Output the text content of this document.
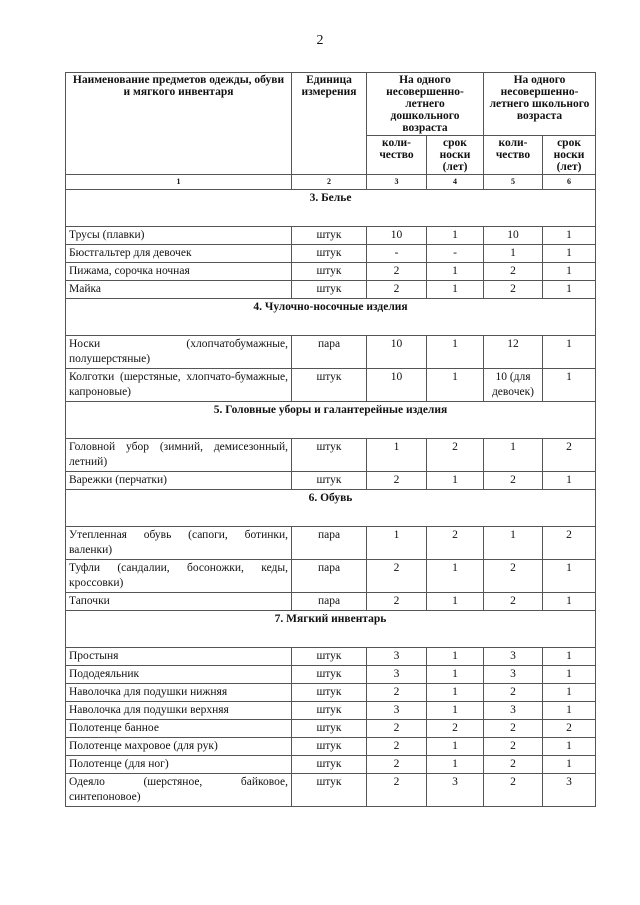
2
Наименование предметов одежды, обуви и мягкого инвентаря	Единица измерения	На одного несовершенно-летнего дошкольного возраста		На одного несовершенно-летнего школьного возраста	
		коли-чество	срок носки (лет)	коли-чество	срок носки (лет)
1	2	3	4	5	6
3. Белье					
Трусы (плавки)	штук	10	1	10	1
Бюстгальтер для девочек	штук	-	-	1	1
Пижама, сорочка ночная	штук	2	1	2	1
Майка	штук	2	1	2	1
4. Чулочно-носочные изделия					
Носки (хлопчатобумажные, полушерстяные)	пара	10	1	12	1
Колготки (шерстяные, хлопчато-бумажные, капроновые)	штук	10	1	10 (для девочек)	1
5. Головные уборы и галантерейные изделия					
Головной убор (зимний, демисезонный, летний)	штук	1	2	1	2
Варежки (перчатки)	штук	2	1	2	1
6. Обувь					
Утепленная обувь (сапоги, ботинки, валенки)	пара	1	2	1	2
Туфли (сандалии, босоножки, кеды, кроссовки)	пара	2	1	2	1
Тапочки	пара	2	1	2	1
7. Мягкий инвентарь					
Простыня	штук	3	1	3	1
Пододеяльник	штук	3	1	3	1
Наволочка для подушки нижняя	штук	2	1	2	1
Наволочка для подушки верхняя	штук	3	1	3	1
Полотенце банное	штук	2	2	2	2
Полотенце махровое (для рук)	штук	2	1	2	1
Полотенце (для ног)	штук	2	1	2	1
Одеяло (шерстяное, байковое, синтепоновое)	штук	2	3	2	3
